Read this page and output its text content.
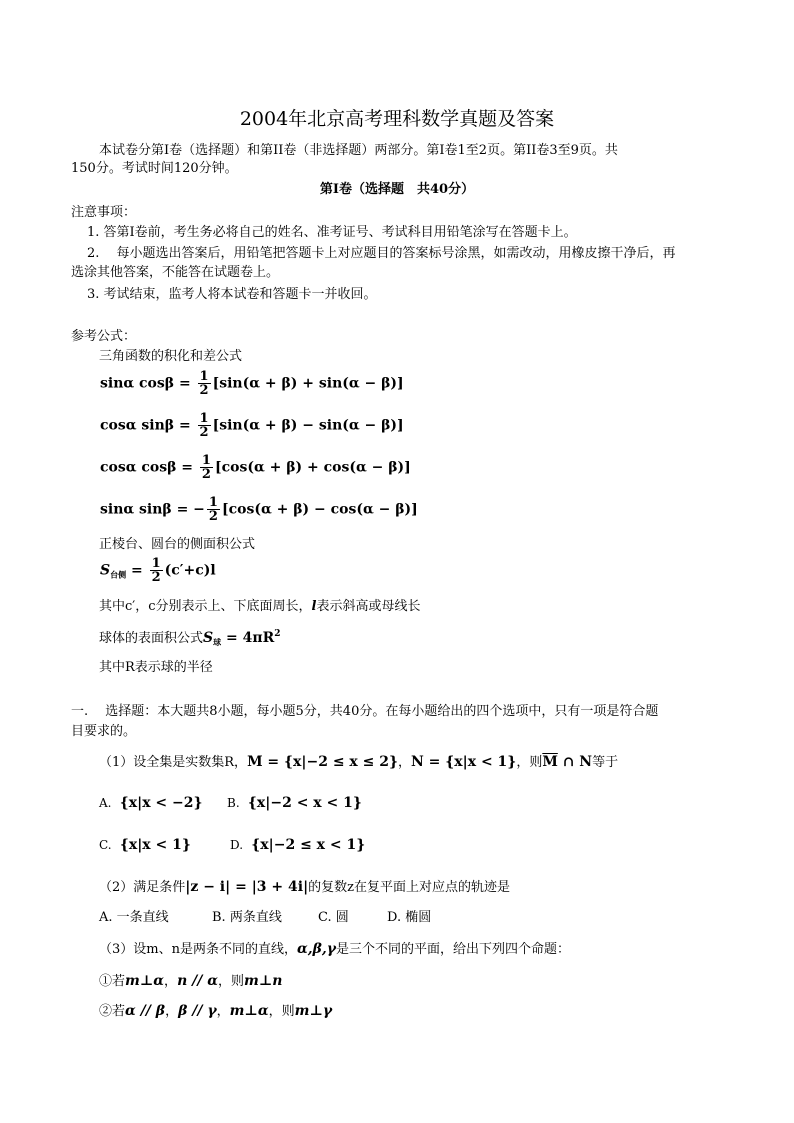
2004年北京高考理科数学真题及答案
本试卷分第Ⅰ卷（选择题）和第II卷（非选择题）两部分。第Ⅰ卷1至2页。第II卷3至9页。共
150分。考试时间120分钟。
第Ⅰ卷（选择题　共40分）
注意事项：
1. 答第Ⅰ卷前，考生务必将自己的姓名、准考证号、考试科目用铅笔涂写在答题卡上。
2.　 每小题选出答案后，用铅笔把答题卡上对应题目的答案标号涂黑，如需改动，用橡皮擦干净后，再
选涂其他答案，不能答在试题卷上。
3. 考试结束，监考人将本试卷和答题卡一并收回。
参考公式：
三角函数的积化和差公式
sinα $\cos\beta = \frac{1}{2} [\sin(\alpha + \beta) + \sin(\alpha - \beta)]$
cosα $\sin\beta = \frac{1}{2} [\sin(\alpha + \beta) - \sin(\alpha - \beta)]$
cosα $\cos\beta = \frac{1}{2} [\cos(\alpha + \beta) + \cos(\alpha - \beta)]$
sinα sinβ = − $\frac{1}{2} [\cos(\alpha + \beta) - \cos(\alpha - \beta)]$
正棱台、圆台的侧面积公式
$S_{台侧} = \frac{1}{2} (c'+c)l$
其中c′，c分别表示上、下底面周长，l表示斜高或母线长
球体的表面积公式$S_球 = 4\pi R^2$
其中R表示球的半径
一.　 选择题：本大题共8小题，每小题5分，共40分。在每小题给出的四个选项中，只有一项是符合题
目要求的。
（1）设全集是实数集R，M = {x|−2 ≤ x ≤ 2}，N = {x|x < 1}，则$\overline{M}$ ∩ N等于
A. {x|x < −2} B. {x|−2 < x < 1}
C. {x|x < 1}	D. {x|−2 ≤ x < 1}
（2）满足条件|z − i| = |3 + 4i|的复数z在复平面上对应点的轨迹是
A. 一条直线	B. 两条直线	C. 圆	D. 椭圆
（3）设m、n是两条不同的直线，α,β,γ是三个不同的平面，给出下列四个命题：
①若m⊥α，n // α，则m⊥n
②若α // β，β // γ，m⊥α，则m⊥γ
